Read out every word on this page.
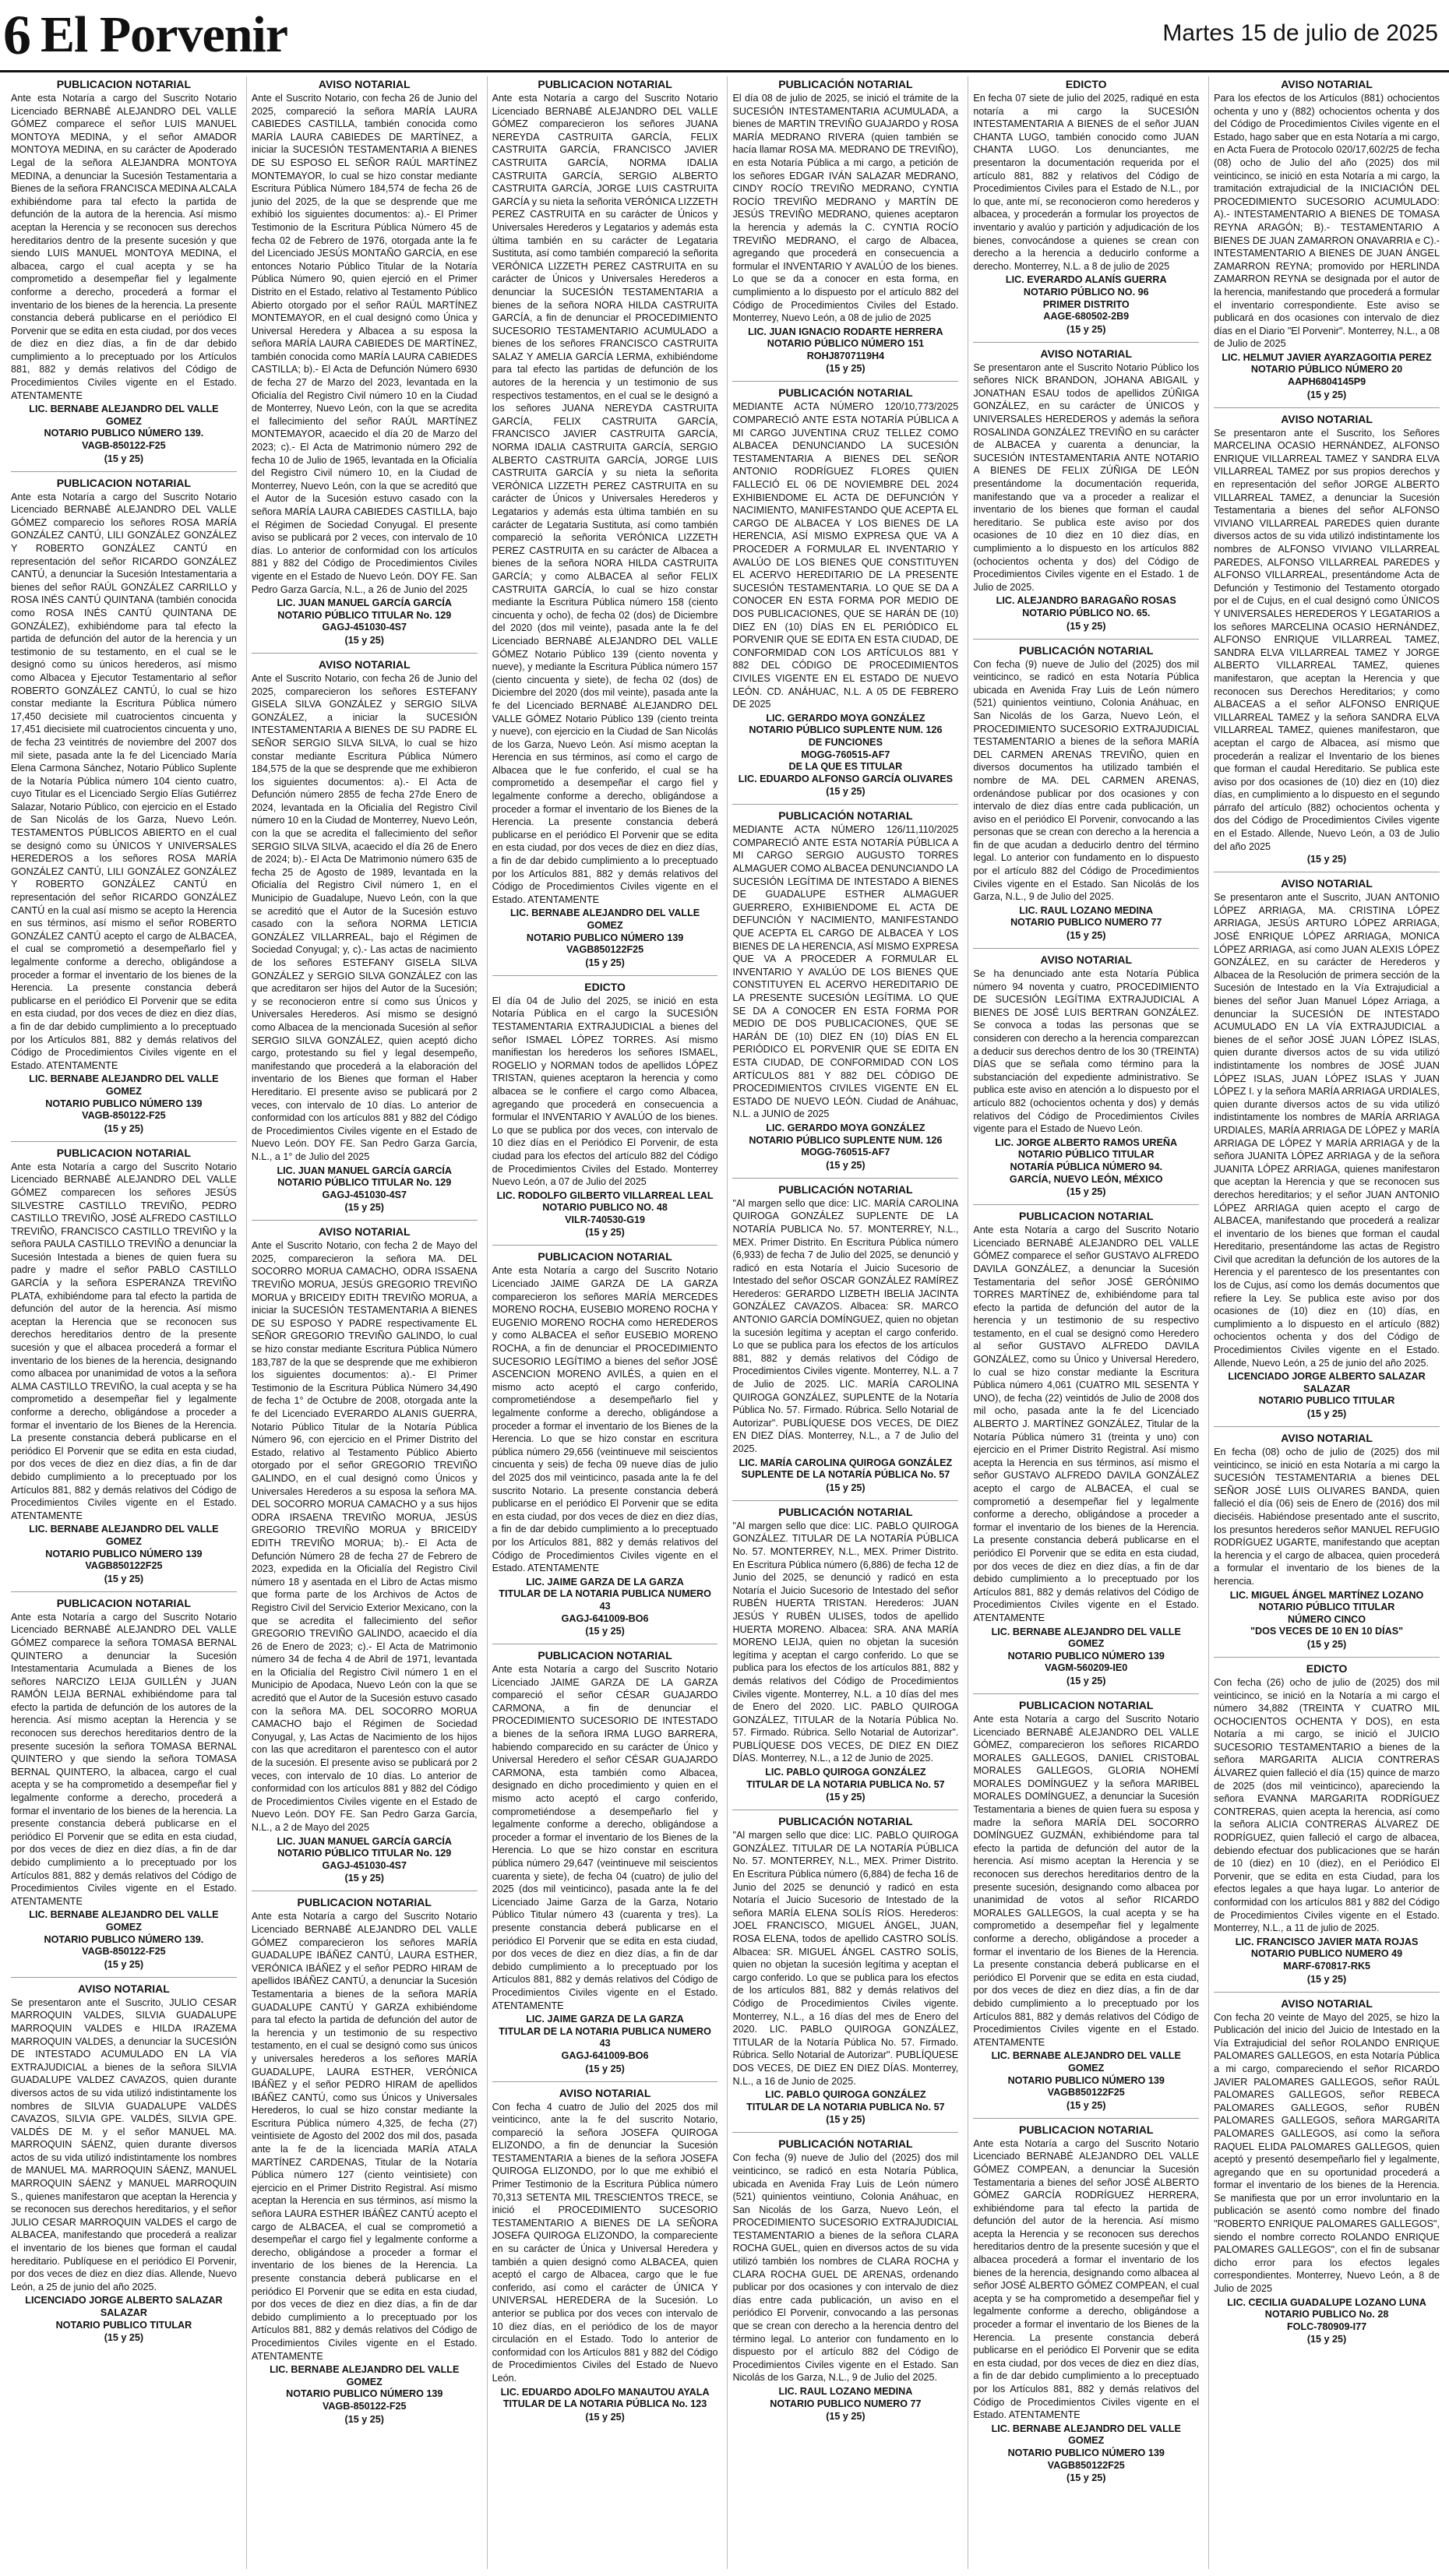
6 El Porvenir	Martes 15 de julio de 2025
PUBLICACION NOTARIAL

Ante esta Notaría a cargo del Suscrito Notario Licenciado BERNABÉ ALEJANDRO DEL VALLE GÓMEZ comparece el señor LUIS MANUEL MONTOYA MEDINA, y el señor AMADOR MONTOYA MEDINA, en su carácter de Apoderado Legal de la señora ALEJANDRA MONTOYA MEDINA, a denunciar la Sucesión Testamentaria a Bienes de la señora FRANCISCA MEDINA ALCALA exhibiéndome para tal efecto la partida de defunción de la autora de la herencia. Así mismo aceptan la Herencia y se reconocen sus derechos hereditarios dentro de la presente sucesión y que siendo LUIS MANUEL MONTOYA MEDINA, el albacea, cargo el cual acepta y se ha comprometido a desempeñar fiel y legalmente conforme a derecho, procederá a formar el inventario de los bienes de la herencia. La presente constancia deberá publicarse en el periódico El Porvenir que se edita en esta ciudad, por dos veces de diez en diez días, a fin de dar debido cumplimiento a lo preceptuado por los Artículos 881, 882 y demás relativos del Código de Procedimientos Civiles vigente en el Estado. ATENTAMENTE

LIC. BERNABE ALEJANDRO DEL VALLE GOMEZ
NOTARIO PUBLICO NÚMERO 139.
VAGB-850122-F25
(15 y 25)
PUBLICACION NOTARIAL

Ante esta Notaría a cargo del Suscrito Notario Licenciado BERNABÉ ALEJANDRO DEL VALLE GÓMEZ comparecio los señores ROSA MARÍA GONZÁLEZ CANTÚ, LILI GONZÁLEZ GONZÁLEZ Y ROBERTO GONZÁLEZ CANTÚ en representación del señor RICARDO GONZÁLEZ CANTÚ, a denunciar la Sucesión Intestamentaria a bienes del señor RAÚL GONZÁLEZ CARRILLO y ROSA INÉS CANTÚ QUINTANA (también conocida como ROSA INÉS CANTÚ QUINTANA DE GONZÁLEZ), exhibiéndome para tal efecto la partida de defunción del autor de la herencia y un testimonio de su testamento, en el cual se le designó como su únicos herederos, así mismo como Albacea y Ejecutor Testamentario al señor ROBERTO GONZÁLEZ CANTÚ, lo cual se hizo constar mediante la Escritura Pública número 17,450 decisiete mil cuatrocientos cincuenta y 17,451 diecisiete mil cuatrocientos cincuenta y uno, de fecha 23 veintitrés de noviembre del 2007 dos mil siete, pasada ante la fe del Licenciado María Elena Carmona Sánchez, Notario Público Suplente de la Notaría Pública número 104 ciento cuatro, cuyo Titular es el Licenciado Sergio Elías Gutiérrez Salazar, Notario Público, con ejercicio en el Estado de San Nicolás de los Garza, Nuevo León. TESTAMENTOS PÚBLICOS ABIERTO en el cual se designó como su ÚNICOS Y UNIVERSALES HEREDEROS a los señores ROSA MARÍA GONZÁLEZ CANTÚ, LILI GONZÁLEZ GONZÁLEZ Y ROBERTO GONZÁLEZ CANTÚ en representación del señor RICARDO GONZÁLEZ CANTÚ en la cual así mismo se acepto la Herencia en sus términos, así mismo el señor ROBERTO GONZÁLEZ CANTÚ acepto el cargo de ALBACEA, el cual se comprometió a desempeñarlo fiel y legalmente conforme a derecho, obligándose a proceder a formar el inventario de los bienes de la Herencia. La presente constancia deberá publicarse en el periódico El Porvenir que se edita en esta ciudad, por dos veces de diez en diez días, a fin de dar debido cumplimiento a lo preceptuado por los Artículos 881, 882 y demás relativos del Código de Procedimientos Civiles vigente en el Estado. ATENTAMENTE

LIC. BERNABE ALEJANDRO DEL VALLE GOMEZ
NOTARIO PUBLICO NÚMERO 139
VAGB-850122-F25
(15 y 25)
PUBLICACION NOTARIAL

Ante esta Notaría a cargo del Suscrito Notario Licenciado BERNABÉ ALEJANDRO DEL VALLE GÓMEZ comparecen los señores JESÚS SILVESTRE CASTILLO TREVIÑO, PEDRO CASTILLO TREVIÑO, JOSÉ ALFREDO CASTILLO TREVIÑO, FRANCISCO CASTILLO TREVIÑO y la señora PAULA CASTILLO TREVIÑO a denunciar la Sucesión Intestada a bienes de quien fuera su padre y madre el señor PABLO CASTILLO GARCÍA y la señora ESPERANZA TREVIÑO PLATA, exhibiéndome para tal efecto la partida de defunción del autor de la herencia. Así mismo aceptan la Herencia que se reconocen sus derechos hereditarios dentro de la presente sucesión y que el albacea procederá a formar el inventario de los bienes de la herencia, designando como albacea por unanimidad de votos a la señora ALMA CASTILLO TREVIÑO, la cual acepta y se ha comprometido a desempeñar fiel y legalmente conforme a derecho, obligándose a proceder a formar el inventario de los Bienes de la Herencia. La presente constancia deberá publicarse en el periódico El Porvenir que se edita en esta ciudad, por dos veces de diez en diez días, a fin de dar debido cumplimiento a lo preceptuado por los Artículos 881, 882 y demás relativos del Código de Procedimientos Civiles vigente en el Estado. ATENTAMENTE

LIC. BERNABE ALEJANDRO DEL VALLE GOMEZ
NOTARIO PUBLICO NÚMERO 139
VAGB850122F25
(15 y 25)
PUBLICACION NOTARIAL

Ante esta Notaría a cargo del Suscrito Notario Licenciado BERNABÉ ALEJANDRO DEL VALLE GÓMEZ comparece la señora TOMASA BERNAL QUINTERO a denunciar la Sucesión Intestamentaria Acumulada a Bienes de los señores NARCIZO LEIJA GUILLÉN y JUAN RAMÓN LEIJA BERNAL exhibiéndome para tal efecto la partida de defunción de los autores de la herencia. Así mismo aceptan la Herencia y se reconocen sus derechos hereditarios dentro de la presente sucesión la señora TOMASA BERNAL QUINTERO y que siendo la señora TOMASA BERNAL QUINTERO, la albacea, cargo el cual acepta y se ha comprometido a desempeñar fiel y legalmente conforme a derecho, procederá a formar el inventario de los bienes de la herencia. La presente constancia deberá publicarse en el periódico El Porvenir que se edita en esta ciudad, por dos veces de diez en diez días, a fin de dar debido cumplimiento a lo preceptuado por los Artículos 881, 882 y demás relativos del Código de Procedimientos Civiles vigente en el Estado. ATENTAMENTE

LIC. BERNABE ALEJANDRO DEL VALLE GOMEZ
NOTARIO PUBLICO NÚMERO 139.
VAGB-850122-F25
(15 y 25)
AVISO NOTARIAL

Se presentaron ante el Suscrito, JULIO CESAR MARROQUIN VALDES, SILVIA GUADALUPE MARROQUIN VALDES e HILDA IRAZEMA MARROQUIN VALDES, a denunciar la SUCESIÓN DE INTESTADO ACUMULADO EN LA VÍA EXTRAJUDICIAL a bienes de la señora SILVIA GUADALUPE VALDEZ CAVAZOS, quien durante diversos actos de su vida utilizó indistintamente los nombres de SILVIA GUADALUPE VALDÉS CAVAZOS, SILVIA GPE. VALDÉS, SILVIA GPE. VALDÉS DE M. y el señor MANUEL MA. MARROQUIN SÁENZ, quien durante diversos actos de su vida utilizó indistintamente los nombres de MANUEL MA. MARROQUIN SÁENZ, MANUEL MARROQUIN SÁENZ y MANUEL MARROQUIN S., quienes manifestaron que aceptan la Herencia y se reconocen sus derechos hereditarios, y el señor JULIO CESAR MARROQUIN VALDES el cargo de ALBACEA, manifestando que procederá a realizar el inventario de los bienes que forman el caudal hereditario. Publíquese en el periódico El Porvenir, por dos veces de diez en diez días. Allende, Nuevo León, a 25 de junio del año 2025.

LICENCIADO JORGE ALBERTO SALAZAR SALAZAR
NOTARIO PUBLICO TITULAR
(15 y 25)
AVISO NOTARIAL

Ante el Suscrito Notario, con fecha 26 de Junio del 2025, compareció la señora MARÍA LAURA CABIEDES CASTILLA, también conocida como MARÍA LAURA CABIEDES DE MARTÍNEZ, a iniciar la SUCESIÓN TESTAMENTARIA A BIENES DE SU ESPOSO EL SEÑOR RAÚL MARTÍNEZ MONTEMAYOR, lo cual se hizo constar mediante Escritura Pública Número 184,574 de fecha 26 de junio del 2025, de la que se desprende que me exhibió los siguientes documentos: a).- El Primer Testimonio de la Escritura Pública Número 45 de fecha 02 de Febrero de 1976, otorgada ante la fe del Licenciado JESÚS MONTAÑO GARCÍA, en ese entonces Notario Público Titular de la Notaría Pública Número 90, quien ejerció en el Primer Distrito en el Estado, relativo al Testamento Público Abierto otorgado por el señor RAÚL MARTÍNEZ MONTEMAYOR, en el cual designó como Única y Universal Heredera y Albacea a su esposa la señora MARÍA LAURA CABIEDES DE MARTÍNEZ, también conocida como MARÍA LAURA CABIEDES CASTILLA; b).- El Acta de Defunción Número 6930 de fecha 27 de Marzo del 2023, levantada en la Oficialía del Registro Civil número 10 en la Ciudad de Monterrey, Nuevo León, con la que se acredita el fallecimiento del señor RAÚL MARTÍNEZ MONTEMAYOR, acaecido el día 20 de Marzo del 2023; c).- El Acta de Matrimonio número 292 de fecha 10 de Julio de 1965, levantada en la Oficialía del Registro Civil número 10, en la Ciudad de Monterrey, Nuevo León, con la que se acreditó que el Autor de la Sucesión estuvo casado con la señora MARÍA LAURA CABIEDES CASTILLA, bajo el Régimen de Sociedad Conyugal. El presente aviso se publicará por 2 veces, con intervalo de 10 días. Lo anterior de conformidad con los artículos 881 y 882 del Código de Procedimientos Civiles vigente en el Estado de Nuevo León. DOY FE. San Pedro Garza García, N.L., a 26 de Junio del 2025

LIC. JUAN MANUEL GARCÍA GARCÍA
NOTARIO PÚBLICO TITULAR No. 129
GAGJ-451030-4S7
(15 y 25)
AVISO NOTARIAL

Ante el Suscrito Notario, con fecha 26 de Junio del 2025, comparecieron los señores ESTEFANY GISELA SILVA GONZÁLEZ y SERGIO SILVA GONZÁLEZ, a iniciar la SUCESIÓN INTESTAMENTARIA A BIENES DE SU PADRE EL SEÑOR SERGIO SILVA SILVA, lo cual se hizo constar mediante Escritura Pública Número 184,575 de la que se desprende que me exhibieron los siguientes documentos: a).- El Acta de Defunción número 2855 de fecha 27de Enero de 2024, levantada en la Oficialía del Registro Civil número 10 en la Ciudad de Monterrey, Nuevo León, con la que se acredita el fallecimiento del señor SERGIO SILVA SILVA, acaecido el día 26 de Enero de 2024; b).- El Acta De Matrimonio número 635 de fecha 25 de Agosto de 1989, levantada en la Oficialía del Registro Civil número 1, en el Municipio de Guadalupe, Nuevo León, con la que se acreditó que el Autor de la Sucesión estuvo casado con la señora NORMA LETICIA GONZÁLEZ VILLARREAL, bajo el Régimen de Sociedad Conyugal; y, c).- Las actas de nacimiento de los señores ESTEFANY GISELA SILVA GONZÁLEZ y SERGIO SILVA GONZÁLEZ con las que acreditaron ser hijos del Autor de la Sucesión; y se reconocieron entre sí como sus Únicos y Universales Herederos. Así mismo se designó como Albacea de la mencionada Sucesión al señor SERGIO SILVA GONZÁLEZ, quien aceptó dicho cargo, protestando su fiel y legal desempeño, manifestando que procederá a la elaboración del inventario de los Bienes que forman el Haber Hereditario. El presente aviso se publicará por 2 veces, con intervalo de 10 días. Lo anterior de conformidad con los artículos 881 y 882 del Código de Procedimientos Civiles vigente en el Estado de Nuevo León. DOY FE. San Pedro Garza García, N.L., a 1° de Julio del 2025

LIC. JUAN MANUEL GARCÍA GARCÍA
NOTARIO PÚBLICO TITULAR No. 129
GAGJ-451030-4S7
(15 y 25)
AVISO NOTARIAL

Ante el Suscrito Notario, con fecha 2 de Mayo del 2025, comparecieron la señora MA. DEL SOCORRO MORUA CAMACHO, ODRA ISSAENA TREVIÑO MORUA, JESÚS GREGORIO TREVIÑO MORUA y BRICEIDY EDITH TREVIÑO MORUA, a iniciar la SUCESIÓN TESTAMENTARIA A BIENES DE SU ESPOSO Y PADRE respectivamente EL SEÑOR GREGORIO TREVIÑO GALINDO, lo cual se hizo constar mediante Escritura Pública Número 183,787 de la que se desprende que me exhibieron los siguientes documentos: a).- El Primer Testimonio de la Escritura Pública Número 34,490 de fecha 1° de Octubre de 2008, otorgada ante la fe del Licenciado EVERARDO ALANIS GUERRA, Notario Público Titular de la Notaría Pública Número 96, con ejercicio en el Primer Distrito del Estado, relativo al Testamento Público Abierto otorgado por el señor GREGORIO TREVIÑO GALINDO, en el cual designó como Únicos y Universales Herederos a su esposa la señora MA. DEL SOCORRO MORUA CAMACHO y a sus hijos ODRA IRSAENA TREVIÑO MORUA, JESÚS GREGORIO TREVIÑO MORUA y BRICEIDY EDITH TREVIÑO MORUA; b).- El Acta de Defunción Número 28 de fecha 27 de Febrero de 2023, expedida en la Oficialía del Registro Civil número 18 y asentada en el Libro de Actas mismo que forma parte de los Archivos de Actos de Registro Civil del Servicio Exterior Mexicano, con la que se acredita el fallecimiento del señor GREGORIO TREVIÑO GALINDO, acaecido el día 26 de Enero de 2023; c).- El Acta de Matrimonio número 34 de fecha 4 de Abril de 1971, levantada en la Oficialía del Registro Civil número 1 en el Municipio de Apodaca, Nuevo León con la que se acreditó que el Autor de la Sucesión estuvo casado con la señora MA. DEL SOCORRO MORUA CAMACHO bajo el Régimen de Sociedad Conyugal, y, Las Actas de Nacimiento de los hijos con las que acreditaron el parentesco con el autor de la sucesión. El presente aviso se publicará por 2 veces, con intervalo de 10 días. Lo anterior de conformidad con los artículos 881 y 882 del Código de Procedimientos Civiles vigente en el Estado de Nuevo León. DOY FE. San Pedro Garza García, N.L., a 2 de Mayo del 2025

LIC. JUAN MANUEL GARCÍA GARCÍA
NOTARIO PÚBLICO TITULAR No. 129
GAGJ-451030-4S7
(15 y 25)
PUBLICACION NOTARIAL

Ante esta Notaría a cargo del Suscrito Notario Licenciado BERNABÉ ALEJANDRO DEL VALLE GÓMEZ comparecieron los señores MARÍA GUADALUPE IBÁÑEZ CANTÚ, LAURA ESTHER, VERÓNICA IBÁÑEZ y el señor PEDRO HIRAM de apellidos IBÁÑEZ CANTÚ, a denunciar la Sucesión Testamentaria a bienes de la señora MARÍA GUADALUPE CANTÚ Y GARZA exhibiéndome para tal efecto la partida de defunción del autor de la herencia y un testimonio de su respectivo testamento, en el cual se designó como sus únicos y universales herederos a los señores MARÍA GUADALUPE, LAURA ESTHER, VERÓNICA IBÁÑEZ y el señor PEDRO HIRAM de apellidos IBÁÑEZ CANTÚ, como sus Únicos y Universales Herederos, lo cual se hizo constar mediante la Escritura Pública número 4,325, de fecha (27) veintisiete de Agosto del 2002 dos mil dos, pasada ante la fe de la licenciada MARÍA ATALA MARTÍNEZ CARDENAS, Titular de la Notaría Pública número 127 (ciento veintisiete) con ejercicio en el Primer Distrito Registral. Así mismo aceptan la Herencia en sus términos, así mismo la señora LAURA ESTHER IBÁÑEZ CANTÚ acepto el cargo de ALBACEA, el cual se comprometió a desempeñar el cargo fiel y legalmente conforme a derecho, obligándose a proceder a formar el inventario de los bienes de la Herencia. La presente constancia deberá publicarse en el periódico El Porvenir que se edita en esta ciudad, por dos veces de diez en diez días, a fin de dar debido cumplimiento a lo preceptuado por los Artículos 881, 882 y demás relativos del Código de Procedimientos Civiles vigente en el Estado. ATENTAMENTE

LIC. BERNABE ALEJANDRO DEL VALLE GOMEZ
NOTARIO PUBLICO NÚMERO 139
VAGB-850122-F25
(15 y 25)
PUBLICACION NOTARIAL

Ante esta Notaría a cargo del Suscrito Notario Licenciado BERNABÉ ALEJANDRO DEL VALLE GÓMEZ comparecieron los señores JUANA NEREYDA CASTRUITA GARCÍA, FELIX CASTRUITA GARCÍA, FRANCISCO JAVIER CASTRUITA GARCÍA, NORMA IDALIA CASTRUITA GARCÍA, SERGIO ALBERTO CASTRUITA GARCÍA, JORGE LUIS CASTRUITA GARCÍA y su nieta la señorita VERÓNICA LIZZETH PEREZ CASTRUITA en su carácter de Únicos y Universales Herederos y Legatarios y además esta última también en su carácter de Legataria Sustituta, así como también compareció la señorita VERÓNICA LIZZETH PEREZ CASTRUITA en su carácter de Únicos y Universales Herederos a denunciar la SUCESIÓN TESTAMENTARIA a bienes de la señora NORA HILDA CASTRUITA GARCÍA, a fin de denunciar el PROCEDIMIENTO SUCESORIO TESTAMENTARIO ACUMULADO a bienes de los señores FRANCISCO CASTRUITA SALAZ Y AMELIA GARCÍA LERMA, exhibiéndome para tal efecto las partidas de defunción de los autores de la herencia y un testimonio de sus respectivos testamentos, en el cual se le designó a los señores JUANA NEREYDA CASTRUITA GARCÍA, FELIX CASTRUITA GARCÍA, FRANCISCO JAVIER CASTRUITA GARCÍA, NORMA IDALIA CASTRUITA GARCÍA, SERGIO ALBERTO CASTRUITA GARCÍA, JORGE LUIS CASTRUITA GARCÍA y su nieta la señorita VERÓNICA LIZZETH PEREZ CASTRUITA en su carácter de Únicos y Universales Herederos y Legatarios y además esta última también en su carácter de Legataria Sustituta, así como también compareció la señorita VERÓNICA LIZZETH PEREZ CASTRUITA en su carácter de Albacea a bienes de la señora NORA HILDA CASTRUITA GARCÍA; y como ALBACEA al señor FELIX CASTRUITA GARCÍA, lo cual se hizo constar mediante la Escritura Pública número 158 (ciento cincuenta y ocho), de fecha 02 (dos) de Diciembre del 2020 (dos mil veinte), pasada ante la fe del Licenciado BERNABÉ ALEJANDRO DEL VALLE GÓMEZ Notario Público 139 (ciento noventa y nueve), y mediante la Escritura Pública número 157 (ciento cincuenta y siete), de fecha 02 (dos) de Diciembre del 2020 (dos mil veinte), pasada ante la fe del Licenciado BERNABÉ ALEJANDRO DEL VALLE GÓMEZ Notario Público 139 (ciento treinta y nueve), con ejercicio en la Ciudad de San Nicolás de los Garza, Nuevo León. Así mismo aceptan la Herencia en sus términos, así como el cargo de Albacea que le fue conferido, el cual se ha comprometido a desempeñar el cargo fiel y legalmente conforme a derecho, obligándose a proceder a formar el inventario de los Bienes de la Herencia. La presente constancia deberá publicarse en el periódico El Porvenir que se edita en esta ciudad, por dos veces de diez en diez días, a fin de dar debido cumplimiento a lo preceptuado por los Artículos 881, 882 y demás relativos del Código de Procedimientos Civiles vigente en el Estado. ATENTAMENTE

LIC. BERNABE ALEJANDRO DEL VALLE GOMEZ
NOTARIO PUBLICO NÚMERO 139
VAGB850122F25
(15 y 25)
EDICTO

El día 04 de Julio del 2025, se inició en esta Notaría Pública en el cargo la SUCESIÓN TESTAMENTARIA EXTRAJUDICIAL a bienes del señor ISMAEL LÓPEZ TORRES. Así mismo manifiestan los herederos los señores ISMAEL, ROGELIO y NORMAN todos de apellidos LÓPEZ TRISTAN, quienes aceptaron la herencia y como albacea se le confiere el cargo como Albacea, agregando que procederá en consecuencia a formular el INVENTARIO Y AVALÚO de los bienes. Lo que se publica por dos veces, con intervalo de 10 diez días en el Periódico El Porvenir, de esta ciudad para los efectos del artículo 882 del Código de Procedimientos Civiles del Estado. Monterrey Nuevo León, a 07 de Julio del 2025

LIC. RODOLFO GILBERTO VILLARREAL LEAL
NOTARIO PUBLICO NO. 48
VILR-740530-G19
(15 y 25)
PUBLICACION NOTARIAL

Ante esta Notaría a cargo del Suscrito Notario Licenciado JAIME GARZA DE LA GARZA comparecieron los señores MARÍA MERCEDES MORENO ROCHA, EUSEBIO MORENO ROCHA Y EUGENIO MORENO ROCHA como HEREDEROS y como ALBACEA el señor EUSEBIO MORENO ROCHA, a fin de denunciar el PROCEDIMIENTO SUCESORIO LEGÍTIMO a bienes del señor JOSÉ ASCENCION MORENO AVILÉS, a quien en el mismo acto aceptó el cargo conferido, comprometiéndose a desempeñarlo fiel y legalmente conforme a derecho, obligándose a proceder a formar el inventario de los Bienes de la Herencia. Lo que se hizo constar en escritura pública número 29,656 (veintinueve mil seiscientos cincuenta y seis) de fecha 09 nueve días de julio del 2025 dos mil veinticinco, pasada ante la fe del suscrito Notario. La presente constancia deberá publicarse en el periódico El Porvenir que se edita en esta ciudad, por dos veces de diez en diez días, a fin de dar debido cumplimiento a lo preceptuado por los Artículos 881, 882 y demás relativos del Código de Procedimientos Civiles vigente en el Estado. ATENTAMENTE

LIC. JAIME GARZA DE LA GARZA
TITULAR DE LA NOTARIA PUBLICA NUMERO 43
GAGJ-641009-BO6
(15 y 25)
PUBLICACION NOTARIAL

Ante esta Notaría a cargo del Suscrito Notario Licenciado JAIME GARZA DE LA GARZA compareció el señor CÉSAR GUAJARDO CARMONA, a fin de denunciar el PROCEDIMIENTO SUCESORIO DE INTESTADO a bienes de la señora IRMA LUGO BARRERA, habiendo comparecido en su carácter de Único y Universal Heredero el señor CÉSAR GUAJARDO CARMONA, esta también como Albacea, designado en dicho procedimiento y quien en el mismo acto aceptó el cargo conferido, comprometiéndose a desempeñarlo fiel y legalmente conforme a derecho, obligándose a proceder a formar el inventario de los Bienes de la Herencia. Lo que se hizo constar en escritura pública número 29,647 (veintinueve mil seiscientos cuarenta y siete), de fecha 04 (cuatro) de julio del 2025 (dos mil veinticinco), pasada ante la fe del Licenciado Jaime Garza de la Garza, Notario Público Titular número 43 (cuarenta y tres). La presente constancia deberá publicarse en el periódico El Porvenir que se edita en esta ciudad, por dos veces de diez en diez días, a fin de dar debido cumplimiento a lo preceptuado por los Artículos 881, 882 y demás relativos del Código de Procedimientos Civiles vigente en el Estado. ATENTAMENTE

LIC. JAIME GARZA DE LA GARZA
TITULAR DE LA NOTARIA PUBLICA NUMERO 43
GAGJ-641009-BO6
(15 y 25)
AVISO NOTARIAL

Con fecha 4 cuatro de Julio del 2025 dos mil veinticinco, ante la fe del suscrito Notario, compareció la señora JOSEFA QUIROGA ELIZONDO, a fin de denunciar la Sucesión TESTAMENTARIA a bienes de la señora JOSEFA QUIROGA ELIZONDO, por lo que me exhibió el Primer Testimonio de la Escritura Pública número 70,313 SETENTA MIL TRESCIENTOS TRECE, se inició el PROCEDIMIENTO SUCESORIO TESTAMENTARIO A BIENES DE LA SEÑORA JOSEFA QUIROGA ELIZONDO, la compareciente en su carácter de Única y Universal Heredera y también a quien designó como ALBACEA, quien aceptó el cargo de Albacea, cargo que le fue conferido, así como el carácter de ÚNICA Y UNIVERSAL HEREDERA de la Sucesión. Lo anterior se publica por dos veces con intervalo de 10 diez días, en el periódico de los de mayor circulación en el Estado. Todo lo anterior de conformidad con los Artículos 881 y 882 del Código de Procedimientos Civiles del Estado de Nuevo León.

LIC. EDUARDO ADOLFO MANAUTOU AYALA
TITULAR DE LA NOTARIA PÚBLICA No. 123
(15 y 25)
PUBLICACIÓN NOTARIAL

El día 08 de julio de 2025, se inició el trámite de la SUCESIÓN INTESTAMENTARIA ACUMULADA, a bienes de MARTIN TREVIÑO GUAJARDO y ROSA MARÍA MEDRANO RIVERA (quien también se hacía llamar ROSA MA. MEDRANO DE TREVIÑO), en esta Notaría Pública a mi cargo, a petición de los señores EDGAR IVÁN SALAZAR MEDRANO, CINDY ROCÍO TREVIÑO MEDRANO, CYNTIA ROCÍO TREVIÑO MEDRANO y MARTÍN DE JESÚS TREVIÑO MEDRANO, quienes aceptaron la herencia y además la C. CYNTIA ROCÍO TREVIÑO MEDRANO, el cargo de Albacea, agregando que procederá en consecuencia a formular el INVENTARIO Y AVALÚO de los bienes. Lo que se da a conocer en esta forma, en cumplimiento a lo dispuesto por el artículo 882 del Código de Procedimientos Civiles del Estado. Monterrey, Nuevo León, a 08 de julio de 2025

LIC. JUAN IGNACIO RODARTE HERRERA
NOTARIO PÚBLICO NÚMERO 151
ROHJ8707119H4
(15 y 25)
PUBLICACIÓN NOTARIAL

MEDIANTE ACTA NÚMERO 120/10,773/2025 COMPARECIÓ ANTE ESTA NOTARÍA PÚBLICA A MI CARGO JUVENTINA CRUZ TELLEZ COMO ALBACEA DENUNCIANDO LA SUCESIÓN TESTAMENTARIA A BIENES DEL SEÑOR ANTONIO RODRÍGUEZ FLORES QUIEN FALLECIÓ EL 06 DE NOVIEMBRE DEL 2024 EXHIBIENDOME EL ACTA DE DEFUNCIÓN Y NACIMIENTO, MANIFESTANDO QUE ACEPTA EL CARGO DE ALBACEA Y LOS BIENES DE LA HERENCIA, ASÍ MISMO EXPRESA QUE VA A PROCEDER A FORMULAR EL INVENTARIO Y AVALÚO DE LOS BIENES QUE CONSTITUYEN EL ACERVO HEREDITARIO DE LA PRESENTE SUCESIÓN TESTAMENTARIA. LO QUE SE DA A CONOCER EN ESTA FORMA POR MEDIO DE DOS PUBLICACIONES, QUE SE HARÁN DE (10) DIEZ EN (10) DÍAS EN EL PERIÓDICO EL PORVENIR QUE SE EDITA EN ESTA CIUDAD, DE CONFORMIDAD CON LOS ARTÍCULOS 881 Y 882 DEL CÓDIGO DE PROCEDIMIENTOS CIVILES VIGENTE EN EL ESTADO DE NUEVO LEÓN. CD. ANÁHUAC, N.L. A 05 DE FEBRERO DE 2025

LIC. GERARDO MOYA GONZÁLEZ
NOTARIO PÚBLICO SUPLENTE NUM. 126
DE FUNCIONES
MOGG-760515-AF7
DE LA QUE ES TITULAR
LIC. EDUARDO ALFONSO GARCÍA OLIVARES
(15 y 25)
PUBLICACIÓN NOTARIAL

MEDIANTE ACTA NÚMERO 126/11,110/2025 COMPARECIÓ ANTE ESTA NOTARÍA PÚBLICA A MI CARGO SERGIO AUGUSTO TORRES ALMAGUER COMO ALBACEA DENUNCIANDO LA SUCESIÓN LEGÍTIMA DE INTESTADO A BIENES DE GUADALUPE ESTHER ALMAGUER GUERRERO, EXHIBIENDOME EL ACTA DE DEFUNCIÓN Y NACIMIENTO, MANIFESTANDO QUE ACEPTA EL CARGO DE ALBACEA Y LOS BIENES DE LA HERENCIA, ASÍ MISMO EXPRESA QUE VA A PROCEDER A FORMULAR EL INVENTARIO Y AVALÚO DE LOS BIENES QUE CONSTITUYEN EL ACERVO HEREDITARIO DE LA PRESENTE SUCESIÓN LEGÍTIMA. LO QUE SE DA A CONOCER EN ESTA FORMA POR MEDIO DE DOS PUBLICACIONES, QUE SE HARÁN DE (10) DIEZ EN (10) DÍAS EN EL PERIÓDICO EL PORVENIR QUE SE EDITA EN ESTA CIUDAD, DE CONFORMIDAD CON LOS ARTÍCULOS 881 Y 882 DEL CÓDIGO DE PROCEDIMIENTOS CIVILES VIGENTE EN EL ESTADO DE NUEVO LEÓN. Ciudad de Anáhuac, N.L. a JUNIO de 2025

LIC. GERARDO MOYA GONZÁLEZ
NOTARIO PÚBLICO SUPLENTE NUM. 126
MOGG-760515-AF7
(15 y 25)
PUBLICACIÓN NOTARIAL

"Al margen sello que dice: LIC. MARÍA CAROLINA QUIROGA GONZÁLEZ SUPLENTE DE LA NOTARÍA PUBLICA No. 57. MONTERREY, N.L., MEX. Primer Distrito. En Escritura Pública número (6,933) de fecha 7 de Julio del 2025, se denunció y radicó en esta Notaría el Juicio Sucesorio de Intestado del señor OSCAR GONZÁLEZ RAMÍREZ Herederos: GERARDO LIZBETH IBELIA JACINTA GONZÁLEZ CAVAZOS. Albacea: SR. MARCO ANTONIO GARCÍA DOMÍNGUEZ, quien no objetan la sucesión legítima y aceptan el cargo conferido. Lo que se publica para los efectos de los artículos 881, 882 y demás relativos del Código de Procedimientos Civiles vigente. Monterrey, N.L. a 7 de Julio de 2025. LIC. MARÍA CAROLINA QUIROGA GONZÁLEZ, SUPLENTE de la Notaría Pública No. 57. Firmado. Rúbrica. Sello Notarial de Autorizar". PUBLÍQUESE DOS VECES, DE DIEZ EN DIEZ DÍAS. Monterrey, N.L., a 7 de Julio del 2025.

LIC. MARÍA CAROLINA QUIROGA GONZÁLEZ
SUPLENTE DE LA NOTARÍA PÚBLICA No. 57
(15 y 25)
PUBLICACIÓN NOTARIAL

"Al margen sello que dice: LIC. PABLO QUIROGA GONZÁLEZ. TITULAR DE LA NOTARÍA PÚBLICA No. 57. MONTERREY, N.L., MEX. Primer Distrito. En Escritura Pública número (6,886) de fecha 12 de Junio del 2025, se denunció y radicó en esta Notaría el Juicio Sucesorio de Intestado del señor RUBÉN HUERTA TRISTAN. Herederos: JUAN JESÚS Y RUBÉN ULISES, todos de apellido HUERTA MORENO. Albacea: SRA. ANA MARÍA MORENO LEIJA, quien no objetan la sucesión legítima y aceptan el cargo conferido. Lo que se publica para los efectos de los artículos 881, 882 y demás relativos del Código de Procedimientos Civiles vigente. Monterrey, N.L. a 10 días del mes de Enero del 2020. LIC. PABLO QUIROGA GONZÁLEZ, TITULAR de la Notaría Pública No. 57. Firmado. Rúbrica. Sello Notarial de Autorizar". PUBLÍQUESE DOS VECES, DE DIEZ EN DIEZ DÍAS. Monterrey, N.L., a 12 de Junio de 2025.

LIC. PABLO QUIROGA GONZÁLEZ
TITULAR DE LA NOTARIA PUBLICA No. 57
(15 y 25)
PUBLICACIÓN NOTARIAL

"Al margen sello que dice: LIC. PABLO QUIROGA GONZÁLEZ. TITULAR DE LA NOTARÍA PÚBLICA No. 57. MONTERREY, N.L., MEX. Primer Distrito. En Escritura Pública número (6,884) de fecha 16 de Junio del 2025 se denunció y radicó en esta Notaría el Juicio Sucesorio de Intestado de la señora MARÍA ELENA SOLÍS RÍOS. Herederos: JOEL FRANCISCO, MIGUEL ÁNGEL, JUAN, ROSA ELENA, todos de apellido CASTRO SOLÍS. Albacea: SR. MIGUEL ÁNGEL CASTRO SOLÍS, quien no objetan la sucesión legítima y aceptan el cargo conferido. Lo que se publica para los efectos de los artículos 881, 882 y demás relativos del Código de Procedimientos Civiles vigente. Monterrey, N.L., a 16 días del mes de Enero del 2020. LIC. PABLO QUIROGA GONZÁLEZ, TITULAR de la Notaría Pública No. 57. Firmado. Rúbrica. Sello Notarial de Autorizar". PUBLÍQUESE DOS VECES, DE DIEZ EN DIEZ DÍAS. Monterrey, N.L., a 16 de Junio de 2025.

LIC. PABLO QUIROGA GONZÁLEZ
TITULAR DE LA NOTARIA PUBLICA No. 57
(15 y 25)
PUBLICACIÓN NOTARIAL

Con fecha (9) nueve de Julio del (2025) dos mil veinticinco, se radicó en esta Notaría Pública, ubicada en Avenida Fray Luis de León número (521) quinientos veintiuno, Colonia Anáhuac, en San Nicolás de los Garza, Nuevo León, el PROCEDIMIENTO SUCESORIO EXTRAJUDICIAL TESTAMENTARIO a bienes de la señora CLARA ROCHA GUEL, quien en diversos actos de su vida utilizó también los nombres de CLARA ROCHA y CLARA ROCHA GUEL DE ARENAS, ordenando publicar por dos ocasiones y con intervalo de diez días entre cada publicación, un aviso en el periódico El Porvenir, convocando a las personas que se crean con derecho a la herencia dentro del término legal. Lo anterior con fundamento en lo dispuesto por el artículo 882 del Código de Procedimientos Civiles vigente en el Estado. San Nicolás de los Garza, N.L., 9 de Julio del 2025.

LIC. RAUL LOZANO MEDINA
NOTARIO PUBLICO NUMERO 77
(15 y 25)
EDICTO

En fecha 07 siete de julio del 2025, radiqué en esta notaría a mi cargo la SUCESIÓN INTESTAMENTARIA A BIENES de el señor JUAN CHANTA LUGO, también conocido como JUAN CHANTA LUGO. Los denunciantes, me presentaron la documentación requerida por el artículo 881, 882 y relativos del Código de Procedimientos Civiles para el Estado de N.L., por lo que, ante mí, se reconocieron como herederos y albacea, y procederán a formular los proyectos de inventario y avalúo y partición y adjudicación de los bienes, convocándose a quienes se crean con derecho a la herencia a deducirlo conforme a derecho. Monterrey, N.L. a 8 de julio de 2025

LIC. EVERARDO ALANÍS GUERRA
NOTARIO PÚBLICO NO. 96
PRIMER DISTRITO
AAGE-680502-2B9
(15 y 25)
AVISO NOTARIAL

Se presentaron ante el Suscrito Notario Público los señores NICK BRANDON, JOHANA ABIGAIL y JONATHAN ESAU todos de apellidos ZÚÑIGA GONZÁLEZ, en su carácter de ÚNICOS y UNIVERSALES HEREDEROS y además la señora ROSALINDA GONZÁLEZ TREVIÑO en su carácter de ALBACEA y cuarenta a denunciar, la SUCESIÓN INTESTAMENTARIA ANTE NOTARIO A BIENES DE FELIX ZÚÑIGA DE LEÓN presentándome la documentación requerida, manifestando que va a proceder a realizar el inventario de los bienes que forman el caudal hereditario. Se publica este aviso por dos ocasiones de 10 diez en 10 diez días, en cumplimiento a lo dispuesto en los artículos 882 (ochocientos ochenta y dos) del Código de Procedimientos Civiles vigente en el Estado. 1 de Julio de 2025.

LIC. ALEJANDRO BARAGAÑO ROSAS
NOTARIO PÚBLICO NO. 65.
(15 y 25)
PUBLICACIÓN NOTARIAL

Con fecha (9) nueve de Julio del (2025) dos mil veinticinco, se radicó en esta Notaría Pública ubicada en Avenida Fray Luis de León número (521) quinientos veintiuno, Colonia Anáhuac, en San Nicolás de los Garza, Nuevo León, el PROCEDIMIENTO SUCESORIO EXTRAJUDICIAL TESTAMENTARIO a bienes de la señora MARÍA DEL CARMEN ARENAS TREVIÑO, quien en diversos documentos ha utilizado también el nombre de MA. DEL CARMEN ARENAS, ordenándose publicar por dos ocasiones y con intervalo de diez días entre cada publicación, un aviso en el periódico El Porvenir, convocando a las personas que se crean con derecho a la herencia a fin de que acudan a deducirlo dentro del término legal. Lo anterior con fundamento en lo dispuesto por el artículo 882 del Código de Procedimientos Civiles vigente en el Estado. San Nicolás de los Garza, N.L., 9 de Julio del 2025.

LIC. RAUL LOZANO MEDINA
NOTARIO PUBLICO NUMERO 77
(15 y 25)
AVISO NOTARIAL

Se ha denunciado ante esta Notaría Pública número 94 noventa y cuatro, PROCEDIMIENTO DE SUCESIÓN LEGÍTIMA EXTRAJUDICIAL A BIENES DE JOSÉ LUIS BERTRAN GONZÁLEZ. Se convoca a todas las personas que se consideren con derecho a la herencia comparezcan a deducir sus derechos dentro de los 30 (TREINTA) DÍAS que se señala como término para la substanciación del expediente administrativo. Se publica este aviso en atención a lo dispuesto por el artículo 882 (ochocientos ochenta y dos) y demás relativos del Código de Procedimientos Civiles vigente para el Estado de Nuevo León.

LIC. JORGE ALBERTO RAMOS UREÑA
NOTARIO PÚBLICO TITULAR
NOTARÍA PÚBLICA NÚMERO 94.
GARCÍA, NUEVO LEÓN, MÉXICO
(15 y 25)
PUBLICACION NOTARIAL

Ante esta Notaría a cargo del Suscrito Notario Licenciado BERNABÉ ALEJANDRO DEL VALLE GÓMEZ comparece el señor GUSTAVO ALFREDO DAVILA GONZÁLEZ, a denunciar la Sucesión Testamentaria del señor JOSÉ GERÓNIMO TORRES MARTÍNEZ de, exhibiéndome para tal efecto la partida de defunción del autor de la herencia y un testimonio de su respectivo testamento, en el cual se designó como Heredero al señor GUSTAVO ALFREDO DAVILA GONZÁLEZ, como su Único y Universal Heredero, lo cual se hizo constar mediante la Escritura Pública número 4,061 (CUATRO MIL SESENTA Y UNO), de fecha (22) veintidós de Julio de 2008 dos mil ocho, pasada ante la fe del Licenciado ALBERTO J. MARTÍNEZ GONZÁLEZ, Titular de la Notaría Pública número 31 (treinta y uno) con ejercicio en el Primer Distrito Registral. Así mismo acepta la Herencia en sus términos, así mismo el señor GUSTAVO ALFREDO DAVILA GONZÁLEZ acepto el cargo de ALBACEA, el cual se comprometió a desempeñar fiel y legalmente conforme a derecho, obligándose a proceder a formar el inventario de los bienes de la Herencia. La presente constancia deberá publicarse en el periódico El Porvenir que se edita en esta ciudad, por dos veces de diez en diez días, a fin de dar debido cumplimiento a lo preceptuado por los Artículos 881, 882 y demás relativos del Código de Procedimientos Civiles vigente en el Estado. ATENTAMENTE

LIC. BERNABE ALEJANDRO DEL VALLE GOMEZ
NOTARIO PUBLICO NÚMERO 139
VAGM-560209-IE0
(15 y 25)
PUBLICACION NOTARIAL

Ante esta Notaría a cargo del Suscrito Notario Licenciado BERNABÉ ALEJANDRO DEL VALLE GÓMEZ, comparecieron los señores RICARDO MORALES GALLEGOS, DANIEL CRISTOBAL MORALES GALLEGOS, GLORIA NOHEMÍ MORALES DOMÍNGUEZ y la señora MARIBEL MORALES DOMÍNGUEZ, a denunciar la Sucesión Testamentaria a bienes de quien fuera su esposa y madre la señora MARÍA DEL SOCORRO DOMÍNGUEZ GUZMÁN, exhibiéndome para tal efecto la partida de defunción del autor de la herencia. Así mismo aceptan la Herencia y se reconocen sus derechos hereditarios dentro de la presente sucesión, designando como albacea por unanimidad de votos al señor RICARDO MORALES GALLEGOS, la cual acepta y se ha comprometido a desempeñar fiel y legalmente conforme a derecho, obligándose a proceder a formar el inventario de los Bienes de la Herencia. La presente constancia deberá publicarse en el periódico El Porvenir que se edita en esta ciudad, por dos veces de diez en diez días, a fin de dar debido cumplimiento a lo preceptuado por los Artículos 881, 882 y demás relativos del Código de Procedimientos Civiles vigente en el Estado. ATENTAMENTE

LIC. BERNABE ALEJANDRO DEL VALLE GOMEZ
NOTARIO PUBLICO NÚMERO 139
VAGB850122F25
(15 y 25)
PUBLICACION NOTARIAL

Ante esta Notaría a cargo del Suscrito Notario Licenciado BERNABÉ ALEJANDRO DEL VALLE GÓMEZ COMPEAN, a denunciar la Sucesión Testamentaria a bienes del señor JOSÉ ALBERTO GÓMEZ GARCÍA RODRÍGUEZ HERRERA, exhibiéndome para tal efecto la partida de defunción del autor de la herencia. Así mismo acepta la Herencia y se reconocen sus derechos hereditarios dentro de la presente sucesión y que el albacea procederá a formar el inventario de los bienes de la herencia, designando como albacea al señor JOSÉ ALBERTO GÓMEZ COMPEAN, el cual acepta y se ha comprometido a desempeñar fiel y legalmente conforme a derecho, obligándose a proceder a formar el inventario de los Bienes de la Herencia. La presente constancia deberá publicarse en el periódico El Porvenir que se edita en esta ciudad, por dos veces de diez en diez días, a fin de dar debido cumplimiento a lo preceptuado por los Artículos 881, 882 y demás relativos del Código de Procedimientos Civiles vigente en el Estado. ATENTAMENTE

LIC. BERNABE ALEJANDRO DEL VALLE GOMEZ
NOTARIO PUBLICO NÚMERO 139
VAGB850122F25
(15 y 25)
AVISO NOTARIAL

Para los efectos de los Artículos (881) ochocientos ochenta y uno y (882) ochocientos ochenta y dos del Código de Procedimientos Civiles vigente en el Estado, hago saber que en esta Notaría a mi cargo, en Acta Fuera de Protocolo 020/17,602/25 de fecha (08) ocho de Julio del año (2025) dos mil veinticinco, se inició en esta Notaría a mi cargo, la tramitación extrajudicial de la INICIACIÓN DEL PROCEDIMIENTO SUCESORIO ACUMULADO: A).- INTESTAMENTARIO A BIENES DE TOMASA REYNA ARAGÓN; B).- TESTAMENTARIO A BIENES DE JUAN ZAMARRON ONAVARRIA e C).- INTESTAMENTARIO A BIENES DE JUAN ÁNGEL ZAMARRON REYNA; promovido por HERLINDA ZAMARRON REYNA se designada por el autor de la herencia, manifestando que procederá a formular el inventario correspondiente. Este aviso se publicará en dos ocasiones con intervalo de diez días en el Diario "El Porvenir". Monterrey, N.L., a 08 de Julio de 2025

LIC. HELMUT JAVIER AYARZAGOITIA PEREZ
NOTARIO PÚBLICO NÚMERO 20
AAPH6804145P9
(15 y 25)
AVISO NOTARIAL

Se presentaron ante el Suscrito, los Señores MARCELINA OCASIO HERNÁNDEZ, ALFONSO ENRIQUE VILLARREAL TAMEZ Y SANDRA ELVA VILLARREAL TAMEZ por sus propios derechos y en representación del señor JORGE ALBERTO VILLARREAL TAMEZ, a denunciar la Sucesión Testamentaria a bienes del señor ALFONSO VIVIANO VILLARREAL PAREDES quien durante diversos actos de su vida utilizó indistintamente los nombres de ALFONSO VIVIANO VILLARREAL PAREDES, ALFONSO VILLARREAL PAREDES y ALFONSO VILLARREAL, presentándome Acta de Defunción y Testimonio del Testamento otorgado por el de Cujus, en el cual designó como ÚNICOS Y UNIVERSALES HEREDEROS Y LEGATARIOS a los señores MARCELINA OCASIO HERNÁNDEZ, ALFONSO ENRIQUE VILLARREAL TAMEZ, SANDRA ELVA VILLARREAL TAMEZ Y JORGE ALBERTO VILLARREAL TAMEZ, quienes manifestaron, que aceptan la Herencia y que reconocen sus Derechos Hereditarios; y como ALBACEAS a el señor ALFONSO ENRIQUE VILLARREAL TAMEZ y la señora SANDRA ELVA VILLARREAL TAMEZ, quienes manifestaron, que aceptan el cargo de Albacea, así mismo que procederán a realizar el Inventario de los bienes que forman el caudal Hereditario. Se publica este aviso por dos ocasiones de (10) diez en (10) diez días, en cumplimiento a lo dispuesto en el segundo párrafo del artículo (882) ochocientos ochenta y dos del Código de Procedimientos Civiles vigente en el Estado. Allende, Nuevo León, a 03 de Julio del año 2025

(15 y 25)
AVISO NOTARIAL

Se presentaron ante el Suscrito, JUAN ANTONIO LÓPEZ ARRIAGA, MA. CRISTINA LÓPEZ ARRIAGA, JESÚS ARTURO LÓPEZ ARRIAGA, JOSÉ ENRIQUE LÓPEZ ARRIAGA, MONICA LÓPEZ ARRIAGA, así como JUAN ALEXIS LÓPEZ GONZÁLEZ, en su carácter de Herederos y Albacea de la Resolución de primera sección de la Sucesión de Intestado en la Vía Extrajudicial a bienes del señor Juan Manuel López Arriaga, a denunciar la SUCESIÓN DE INTESTADO ACUMULADO EN LA VÍA EXTRAJUDICIAL a bienes de el señor JOSÉ JUAN LÓPEZ ISLAS, quien durante diversos actos de su vida utilizó indistintamente los nombres de JOSÉ JUAN LÓPEZ ISLAS, JUAN LÓPEZ ISLAS Y JUAN LÓPEZ I. y la señora MARÍA ARRIAGA URDIALES, quien durante diversos actos de su vida utilizó indistintamente los nombres de MARÍA ARRIAGA URDIALES, MARÍA ARRIAGA DE LÓPEZ y MARÍA ARRIAGA DE LÓPEZ Y MARÍA ARRIAGA y de la señora JUANITA LÓPEZ ARRIAGA y de la señora JUANITA LÓPEZ ARRIAGA, quienes manifestaron que aceptan la Herencia y que se reconocen sus derechos hereditarios; y el señor JUAN ANTONIO LÓPEZ ARRIAGA quien acepto el cargo de ALBACEA, manifestando que procederá a realizar el inventario de los bienes que forman el caudal Hereditario, presentándome las actas de Registro Civil que acreditan la defunción de los autores de la Herencia y el parentesco de los presentantes con los de Cujus, así como los demás documentos que refiere la Ley. Se publica este aviso por dos ocasiones de (10) diez en (10) días, en cumplimiento a lo dispuesto en el artículo (882) ochocientos ochenta y dos del Código de Procedimientos Civiles vigente en el Estado. Allende, Nuevo León, a 25 de junio del año 2025.

LICENCIADO JORGE ALBERTO SALAZAR SALAZAR
NOTARIO PUBLICO TITULAR
(15 y 25)
AVISO NOTARIAL

En fecha (08) ocho de julio de (2025) dos mil veinticinco, se inició en esta Notaría a mi cargo la SUCESIÓN TESTAMENTARIA a bienes DEL SEÑOR JOSÉ LUIS OLIVARES BANDA, quien falleció el día (06) seis de Enero de (2016) dos mil dieciséis. Habiéndose presentado ante el suscrito, los presuntos herederos señor MANUEL REFUGIO RODRÍGUEZ UGARTE, manifestando que aceptan la herencia y el cargo de albacea, quien procederá a formular el inventario de los bienes de la herencia.

LIC. MIGUEL ÁNGEL MARTÍNEZ LOZANO
NOTARIO PÚBLICO TITULAR
NÚMERO CINCO
"DOS VECES DE 10 EN 10 DÍAS"
(15 y 25)
EDICTO

Con fecha (26) ocho de julio de (2025) dos mil veinticinco, se inició en la Notaría a mi cargo el número 34,882 (TREINTA Y CUATRO MIL OCHOCIENTOS OCHENTA Y DOS), en esta Notaría a mi cargo, se inició el JUICIO SUCESORIO TESTAMENTARIO a bienes de la señora MARGARITA ALICIA CONTRERAS ÁLVAREZ quien falleció el día (15) quince de marzo de 2025 (dos mil veinticinco), apareciendo la señora EVANNA MARGARITA RODRÍGUEZ CONTRERAS, quien acepta la herencia, así como la señora ALICIA CONTRERAS ÁLVAREZ DE RODRÍGUEZ, quien falleció el cargo de albacea, debiendo efectuar dos publicaciones que se harán de 10 (diez) en 10 (diez), en el Periódico El Porvenir, que se edita en esta Ciudad, para los efectos legales a que haya lugar. Lo anterior de conformidad con los artículos 881 y 882 del Código de Procedimientos Civiles vigente en el Estado. Monterrey, N.L., a 11 de julio de 2025.

LIC. FRANCISCO JAVIER MATA ROJAS
NOTARIO PUBLICO NUMERO 49
MARF-670817-RK5
(15 y 25)
AVISO NOTARIAL

Con fecha 20 veinte de Mayo del 2025, se hizo la Publicación del inicio del Juicio de Intestado en la Vía Extrajudicial del señor ROLANDO ENRIQUE PALOMARES GALLEGOS, en esta Notaría Pública a mi cargo, compareciendo el señor RICARDO JAVIER PALOMARES GALLEGOS, señor RAÚL PALOMARES GALLEGOS, señor REBECA PALOMARES GALLEGOS, señor RUBÉN PALOMARES GALLEGOS, señora MARGARITA PALOMARES GALLEGOS, así como la señora RAQUEL ELIDA PALOMARES GALLEGOS, quien aceptó y presentó desempeñarlo fiel y legalmente, agregando que en su oportunidad procederá a formar el inventario de los bienes de la Herencia. Se manifiesta que por un error involuntario en la publicación se asentó como nombre del finado "ROBERTO ENRIQUE PALOMARES GALLEGOS", siendo el nombre correcto ROLANDO ENRIQUE PALOMARES GALLEGOS", con el fin de subsanar dicho error para los efectos legales correspondientes. Monterrey, Nuevo León, a 8 de Julio de 2025

LIC. CECILIA GUADALUPE LOZANO LUNA
NOTARIO PUBLICO No. 28
FOLC-780909-I77
(15 y 25)
